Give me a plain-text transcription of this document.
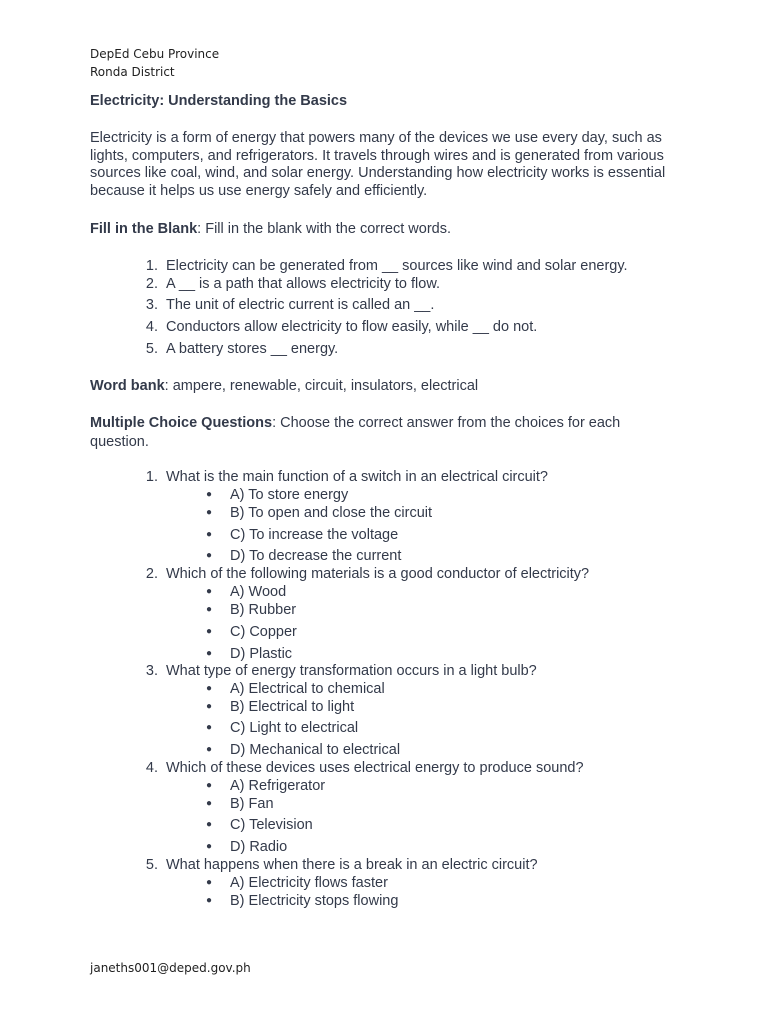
DepEd Cebu Province
Ronda District
Electricity: Understanding the Basics
Electricity is a form of energy that powers many of the devices we use every day, such as lights, computers, and refrigerators. It travels through wires and is generated from various sources like coal, wind, and solar energy. Understanding how electricity works is essential because it helps us use energy safely and efficiently.
Fill in the Blank: Fill in the blank with the correct words.
1. Electricity can be generated from __ sources like wind and solar energy.
2. A __ is a path that allows electricity to flow.
3. The unit of electric current is called an __.
4. Conductors allow electricity to flow easily, while __ do not.
5. A battery stores __ energy.
Word bank: ampere, renewable, circuit, insulators, electrical
Multiple Choice Questions: Choose the correct answer from the choices for each question.
1. What is the main function of a switch in an electrical circuit?
● A) To store energy
● B) To open and close the circuit
● C) To increase the voltage
● D) To decrease the current
2. Which of the following materials is a good conductor of electricity?
● A) Wood
● B) Rubber
● C) Copper
● D) Plastic
3. What type of energy transformation occurs in a light bulb?
● A) Electrical to chemical
● B) Electrical to light
● C) Light to electrical
● D) Mechanical to electrical
4. Which of these devices uses electrical energy to produce sound?
● A) Refrigerator
● B) Fan
● C) Television
● D) Radio
5. What happens when there is a break in an electric circuit?
● A) Electricity flows faster
● B) Electricity stops flowing
janeths001@deped.gov.ph
